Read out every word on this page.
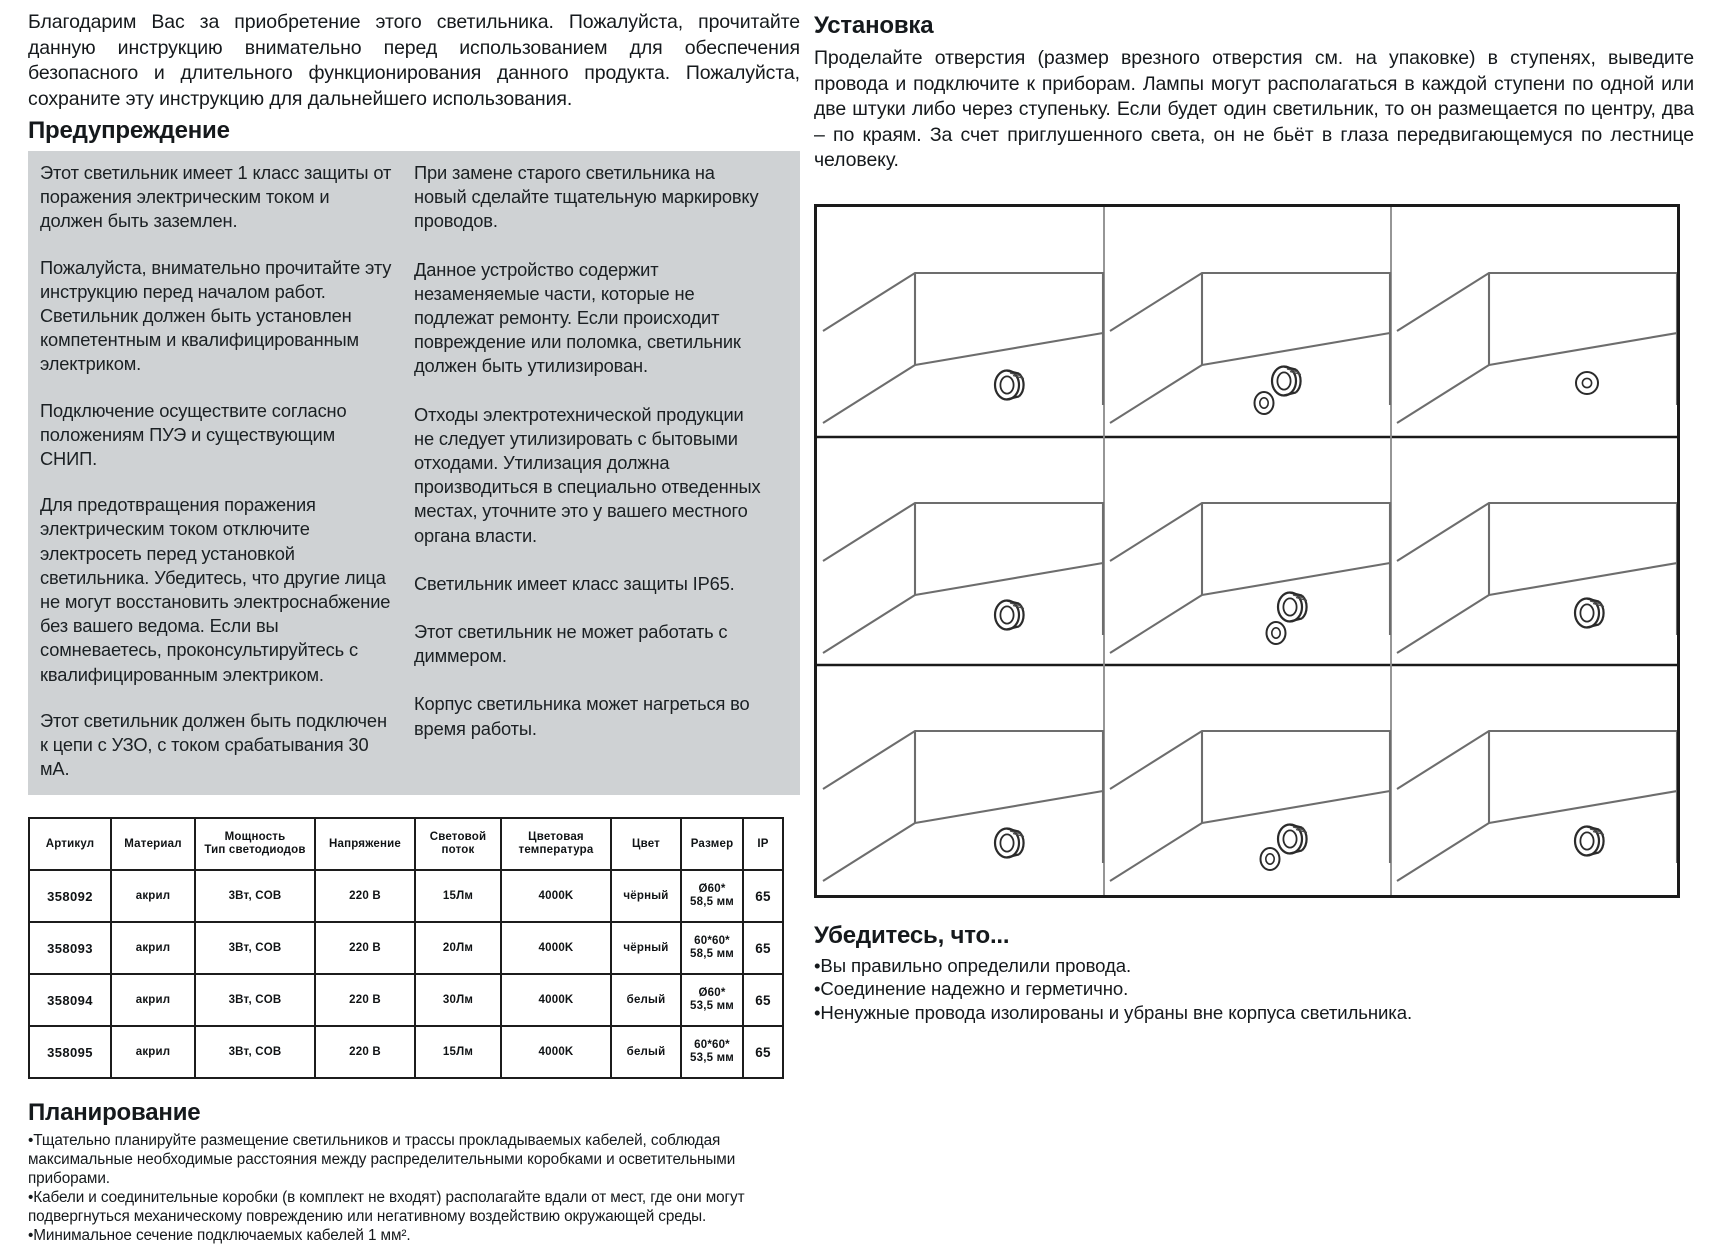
Благодарим Вас за приобретение этого светильника. Пожалуйста, прочитайте данную инструкцию внимательно перед использованием для обеспечения безопасного и длительного функционирования данного продукта. Пожалуйста, сохраните эту инструкцию для дальнейшего использования.

Предупреждение

Этот светильник имеет 1 класс защиты от поражения электрическим током и должен быть заземлен.

Пожалуйста, внимательно прочитайте эту инструкцию перед началом работ. Светильник должен быть установлен компетентным и квалифицированным электриком.

Подключение осуществите согласно положениям ПУЭ и существующим СНИП.

Для предотвращения поражения электрическим током отключите электросеть перед установкой светильника. Убедитесь, что другие лица не могут восстановить электроснабжение без вашего ведома. Если вы сомневаетесь, проконсультируйтесь с квалифицированным электриком.

Этот светильник должен быть подключен к цепи с УЗО, с током срабатывания 30 мА.

При замене старого светильника на новый сделайте тщательную маркировку проводов.

Данное устройство содержит незаменяемые части, которые не подлежат ремонту. Если происходит повреждение или поломка, светильник должен быть утилизирован.

Отходы электротехнической продукции не следует утилизировать с бытовыми отходами. Утилизация должна производиться в специально отведенных местах, уточните это у вашего местного органа власти.

Светильник имеет класс защиты IP65.

Этот светильник не может работать с диммером.

Корпус светильника может нагреться во время работы.

Артикул	Материал	
Мощность
Тип светодиодов
	Напряжение	
Световой
поток

Цветовая
температура
	Цвет	Размер	IP
358092	акрил	3Вт, COB	220 В	15Лм	4000K	чёрный	Ø60*
58,5 мм	65
358093	акрил	3Вт, COB	220 В	20Лм	4000K	чёрный	60*60*
58,5 мм	65
358094	акрил	3Вт, COB	220 В	30Лм	4000K	белый	Ø60*
53,5 мм	65
358095	акрил	3Вт, COB	220 В	15Лм	4000K	белый	60*60*
53,5 мм	65
Планирование

•Тщательно планируйте размещение светильников и трассы прокладываемых кабелей, соблюдая максимальные необходимые расстояния между распределительными коробками и осветительными приборами.

•Кабели и соединительные коробки (в комплект не входят) располагайте вдали от мест, где они могут подвергнуться механическому повреждению или негативному воздействию окружающей среды.

•Минимальное сечение подключаемых кабелей 1 мм².

Установка

Проделайте отверстия (размер врезного отверстия см. на упаковке) в ступенях, выведите провода и подключите к приборам. Лампы могут располагаться в каждой ступени по одной или две штуки либо через ступеньку. Если будет один светильник, то он размещается по центру, два – по краям. За счет приглушенного света, он не бьёт в глаза передвигающемуся по лестнице человеку.

Убедитесь, что...

•Вы правильно определили провода.

•Соединение надежно и герметично.

•Ненужные провода изолированы и убраны вне корпуса светильника.
